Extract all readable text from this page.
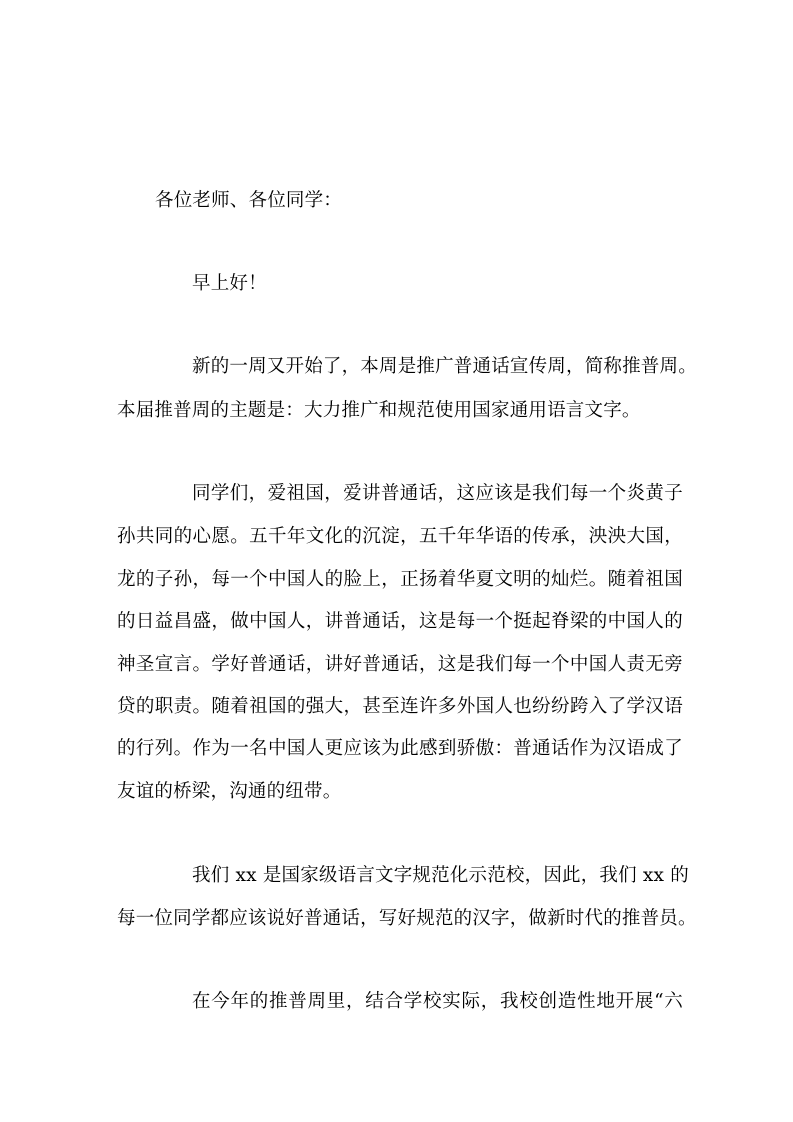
各位老师、各位同学：
早上好！
新的一周又开始了，本周是推广普通话宣传周，简称推普周。
本届推普周的主题是：大力推广和规范使用国家通用语言文字。
同学们，爱祖国，爱讲普通话，这应该是我们每一个炎黄子
孙共同的心愿。五千年文化的沉淀，五千年华语的传承，泱泱大国，
龙的子孙，每一个中国人的脸上，正扬着华夏文明的灿烂。随着祖国
的日益昌盛，做中国人，讲普通话，这是每一个挺起脊梁的中国人的
神圣宣言。学好普通话，讲好普通话，这是我们每一个中国人责无旁
贷的职责。随着祖国的强大，甚至连许多外国人也纷纷跨入了学汉语
的行列。作为一名中国人更应该为此感到骄傲：普通话作为汉语成了
友谊的桥梁，沟通的纽带。
我们 xx 是国家级语言文字规范化示范校，因此，我们 xx 的
每一位同学都应该说好普通话，写好规范的汉字，做新时代的推普员。
在今年的推普周里，结合学校实际，我校创造性地开展“六
